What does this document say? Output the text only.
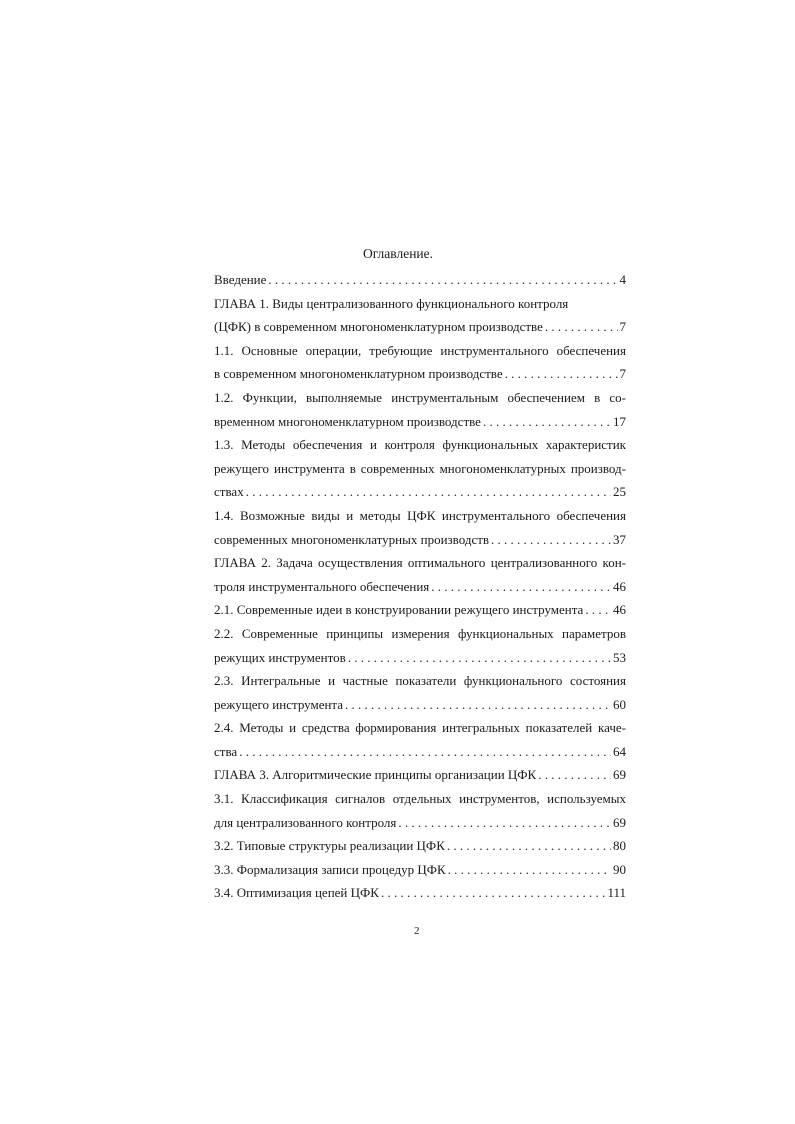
Оглавление.
Введение . . .	4
ГЛАВА 1. Виды централизованного функционального контроля
(ЦФК) в современном многономенклатурном производстве . . .	7
1.1. Основные операции, требующие инструментального обеспечения
в современном многономенклатурном производстве . . .	7
1.2. Функции, выполняемые инструментальным обеспечением в со-
временном многономенклатурном производстве . . .	17
1.3. Методы обеспечения и контроля функциональных характеристик
режущего инструмента в современных многономенклатурных производ-
ствах . . .	25
1.4. Возможные виды и методы ЦФК инструментального обеспечения
современных многономенклатурных производств . . .	37
ГЛАВА 2. Задача осуществления оптимального централизованного кон-
троля инструментального обеспечения . . .	46
2.1. Современные идеи в конструировании режущего инструмента . . . 46
2.2. Современные принципы измерения функциональных параметров
режущих инструментов . . .	53
2.3. Интегральные и частные показатели функционального состояния
режущего инструмента . . .	60
2.4. Методы и средства формирования интегральных показателей каче-
ства . . .	64
ГЛАВА 3. Алгоритмические принципы организации ЦФК . . .	69
3.1. Классификация сигналов отдельных инструментов, используемых
для централизованного контроля . . .	69
3.2. Типовые структуры реализации ЦФК . . .	80
3.3. Формализация записи процедур ЦФК . . .	90
3.4. Оптимизация цепей ЦФК . . .	111
2
